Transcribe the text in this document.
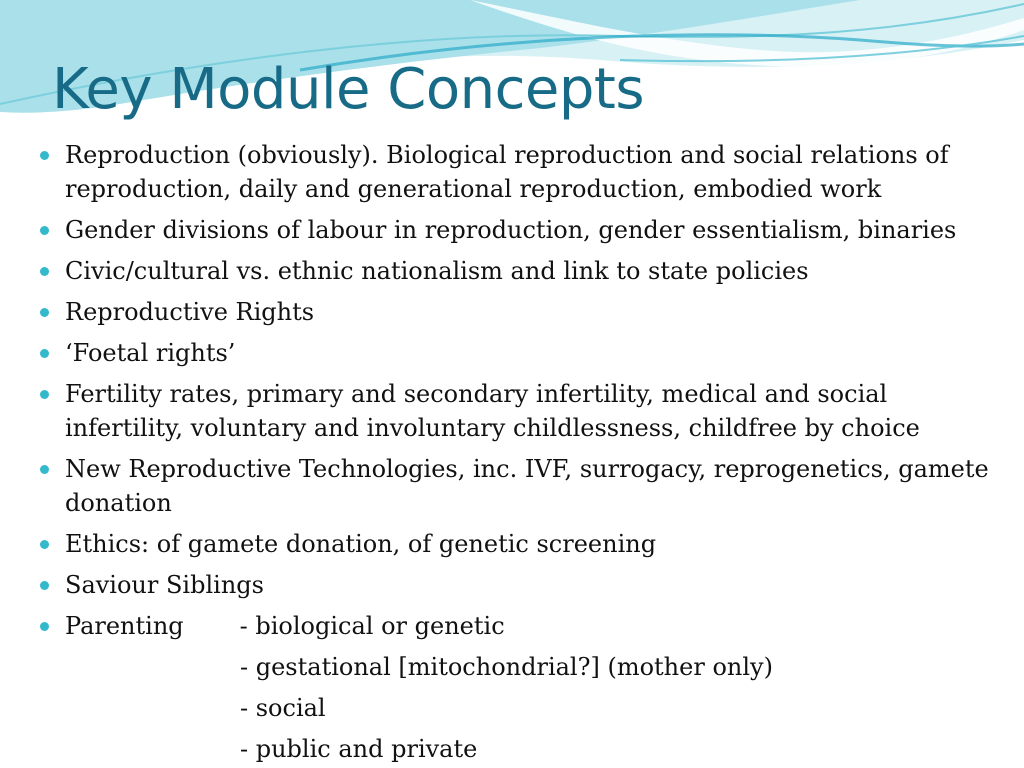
Key Module Concepts
Reproduction (obviously). Biological reproduction and social relations of reproduction, daily and generational reproduction, embodied work
Gender divisions of labour in reproduction, gender essentialism, binaries
Civic/cultural vs. ethnic nationalism and link to state policies
Reproductive Rights
‘Foetal rights’
Fertility rates, primary and secondary infertility, medical and social infertility, voluntary and involuntary childlessness, childfree by choice
New Reproductive Technologies, inc. IVF, surrogacy, reprogenetics, gamete donation
Ethics: of gamete donation, of genetic screening
Saviour Siblings
Parenting - biological or genetic
- gestational [mitochondrial?] (mother only)
- social
- public and private
